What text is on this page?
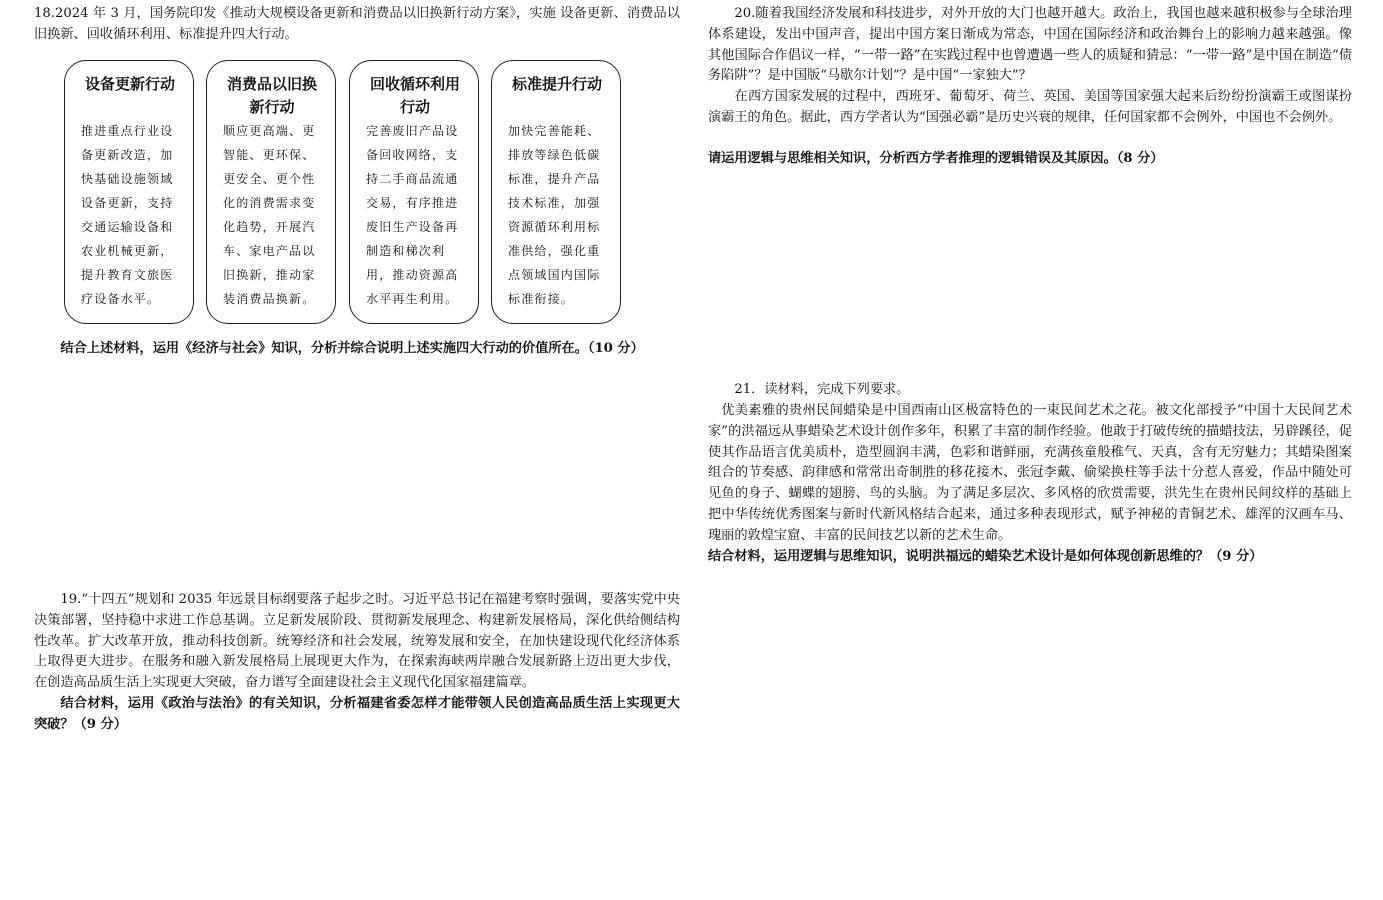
18.2024 年 3 月，国务院印发《推动大规模设备更新和消费品以旧换新行动方案》，实施 设备更新、消费品以旧换新、回收循环利用、标准提升四大行动。

设备更新行动
推进重点行业设备更新改造，加快基础设施领域设备更新，支持交通运输设备和农业机械更新，提升教育文旅医疗设备水平。
消费品以旧换新行动
顺应更高端、更智能、更环保、更安全、更个性化的消费需求变化趋势，开展汽车、家电产品以旧换新，推动家装消费品换新。
回收循环利用行动
完善废旧产品设备回收网络，支持二手商品流通交易，有序推进废旧生产设备再制造和梯次利用，推动资源高水平再生利用。
标准提升行动
加快完善能耗、排放等绿色低碳标准，提升产品技术标准，加强资源循环利用标准供给，强化重点领域国内国际标准衔接。

结合上述材料，运用《经济与社会》知识，分析并综合说明上述实施四大行动的价值所在。（10 分）

19.“十四五”规划和 2035 年远景目标纲要落子起步之时。习近平总书记在福建考察时强调，要落实党中央决策部署，坚持稳中求进工作总基调。立足新发展阶段、贯彻新发展理念、构建新发展格局，深化供给侧结构性改革。扩大改革开放，推动科技创新。统筹经济和社会发展，统筹发展和安全，在加快建设现代化经济体系上取得更大进步。在服务和融入新发展格局上展现更大作为，在探索海峡两岸融合发展新路上迈出更大步伐，在创造高品质生活上实现更大突破，奋力谱写全面建设社会主义现代化国家福建篇章。

结合材料，运用《政治与法治》的有关知识，分析福建省委怎样才能带领人民创造高品质生活上实现更大突破？（9 分）

20.随着我国经济发展和科技进步，对外开放的大门也越开越大。政治上，我国也越来越积极参与全球治理体系建设，发出中国声音，提出中国方案日渐成为常态，中国在国际经济和政治舞台上的影响力越来越强。像其他国际合作倡议一样，“一带一路”在实践过程中也曾遭遇一些人的质疑和猜忌：“一带一路”是中国在制造“债务陷阱”？是中国版“马歇尔计划”？是中国“一家独大”？

在西方国家发展的过程中，西班牙、葡萄牙、荷兰、英国、美国等国家强大起来后纷纷扮演霸王或图谋扮演霸王的角色。据此，西方学者认为“国强必霸”是历史兴衰的规律，任何国家都不会例外，中国也不会例外。

请运用逻辑与思维相关知识，分析西方学者推理的逻辑错误及其原因。（8 分）

21．读材料，完成下列要求。

优美素雅的贵州民间蜡染是中国西南山区极富特色的一束民间艺术之花。被文化部授予“中国十大民间艺术家”的洪福远从事蜡染艺术设计创作多年，积累了丰富的制作经验。他敢于打破传统的描蜡技法，另辟蹊径，促使其作品语言优美质朴，造型圆润丰满，色彩和谐鲜丽，充满孩童般稚气、天真，含有无穷魅力；其蜡染图案组合的节奏感、韵律感和常常出奇制胜的移花接木、张冠李戴、偷梁换柱等手法十分惹人喜爱，作品中随处可见鱼的身子、蝴蝶的翅膀、鸟的头脑。为了满足多层次、多风格的欣赏需要，洪先生在贵州民间纹样的基础上把中华传统优秀图案与新时代新风格结合起来，通过多种表现形式，赋予神秘的青铜艺术、雄浑的汉画车马、瑰丽的敦煌宝窟、丰富的民间技艺以新的艺术生命。

结合材料，运用逻辑与思维知识，说明洪福远的蜡染艺术设计是如何体现创新思维的？（9 分）
